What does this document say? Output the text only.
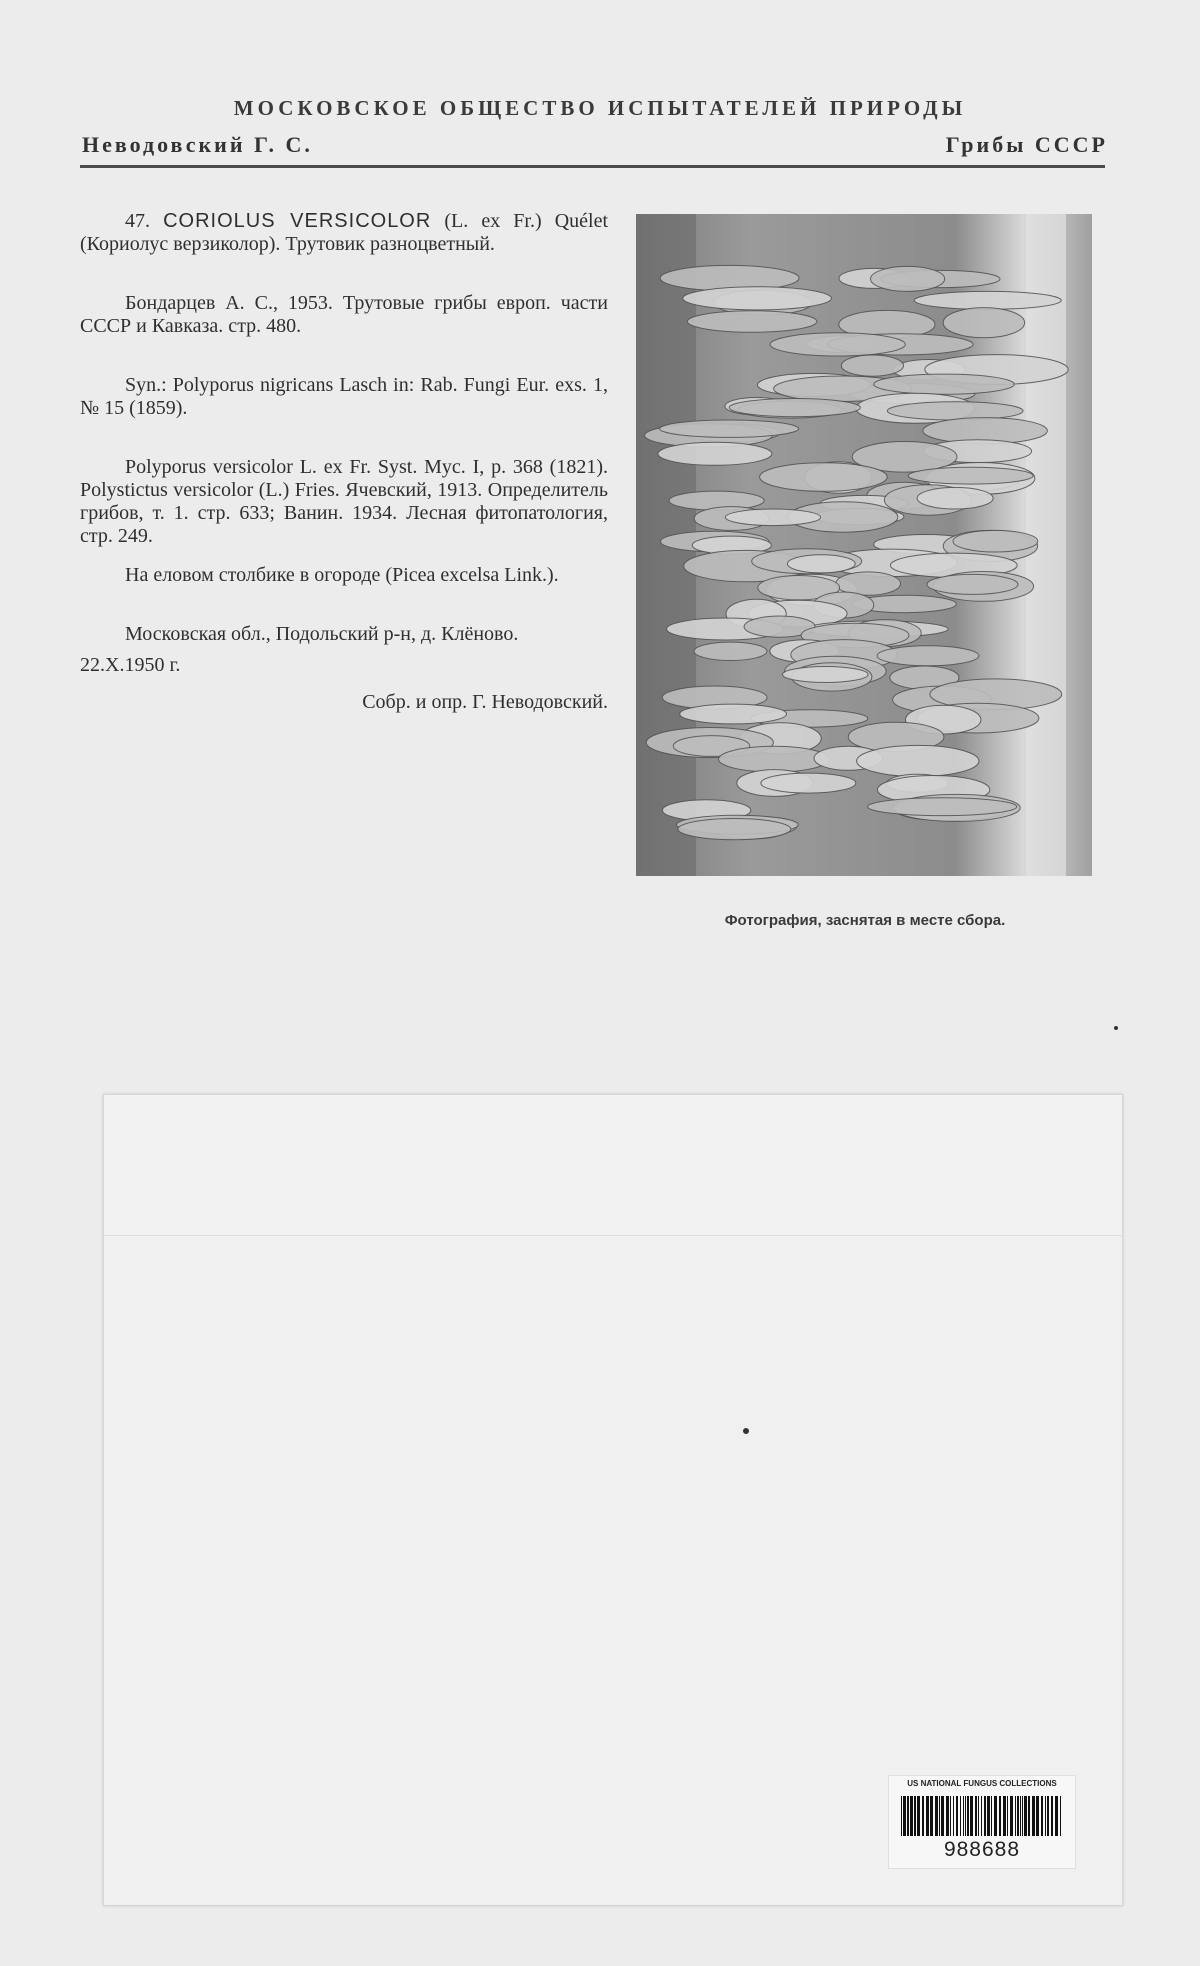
МОСКОВСКОЕ ОБЩЕСТВО ИСПЫТАТЕЛЕЙ ПРИРОДЫ
Неводовский Г. С.	Грибы СССР

47. CORIOLUS VERSICOLOR (L. ex Fr.) Quélet (Кориолус верзиколор). Трутовик разноцветный.

Бондарцев А. С., 1953. Трутовые грибы европ. части СССР и Кавказа. стр. 480.

Syn.: Polyporus nigricans Lasch in: Rab. Fungi Eur. exs. 1, № 15 (1859).

Polyporus versicolor L. ex Fr. Syst. Myc. I, p. 368 (1821). Polystictus versicolor (L.) Fries. Ячевский, 1913. Определитель грибов, т. 1. стр. 633; Ванин. 1934. Лесная фитопатология, стр. 249.

На еловом столбике в огороде (Picea excelsa Link.).

Московская обл., Подольский р-н, д. Клёново.

22.X.1950 г.

Собр. и опр. Г. Неводовский.

Фотография, заснятая в месте сбора.
US NATIONAL FUNGUS COLLECTIONS
988688
